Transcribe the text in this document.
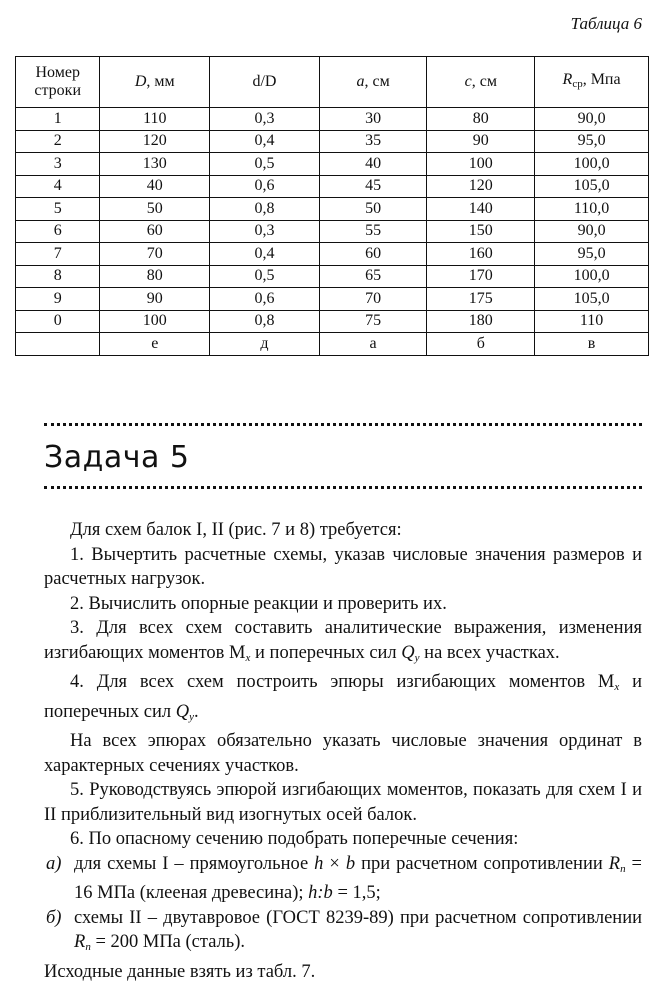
Таблица 6
Номер строки	D, мм	d/D	a, см	c, см	$R_{ср}$, Мпа
1	110	0,3	30	80	90,0
2	120	0,4	35	90	95,0
3	130	0,5	40	100	100,0
4	40	0,6	45	120	105,0
5	50	0,8	50	140	110,0
6	60	0,3	55	150	90,0
7	70	0,4	60	160	95,0
8	80	0,5	65	170	100,0
9	90	0,6	70	175	105,0
0	100	0,8	75	180	110
	е	д	а	б	в
Задача 5

Для схем балок I, II (рис. 7 и 8) требуется:

1. Вычертить расчетные схемы, указав числовые значения размеров и расчетных нагрузок.

2. Вычислить опорные реакции и проверить их.

3. Для всех схем составить аналитические выражения, изменения изгибающих моментов $M_x$ и поперечных сил $Q_y$ на всех участках.

4. Для всех схем построить эпюры изгибающих моментов $M_x$ и поперечных сил $Q_y$.

На всех эпюрах обязательно указать числовые значения ординат в характерных сечениях участков.

5. Руководствуясь эпюрой изгибающих моментов, показать для схем I и II приблизительный вид изогнутых осей балок.

6. По опасному сечению подобрать поперечные сечения:

а) для схемы I – прямоугольное h × b при расчетном сопротивлении $R_п = 16$ МПа (клееная древесина); h:b = 1,5;
б) схемы II – двутавровое (ГОСТ 8239-89) при расчетном сопротивлении $R_п = 200$ МПа (сталь).
Исходные данные взять из табл. 7.
